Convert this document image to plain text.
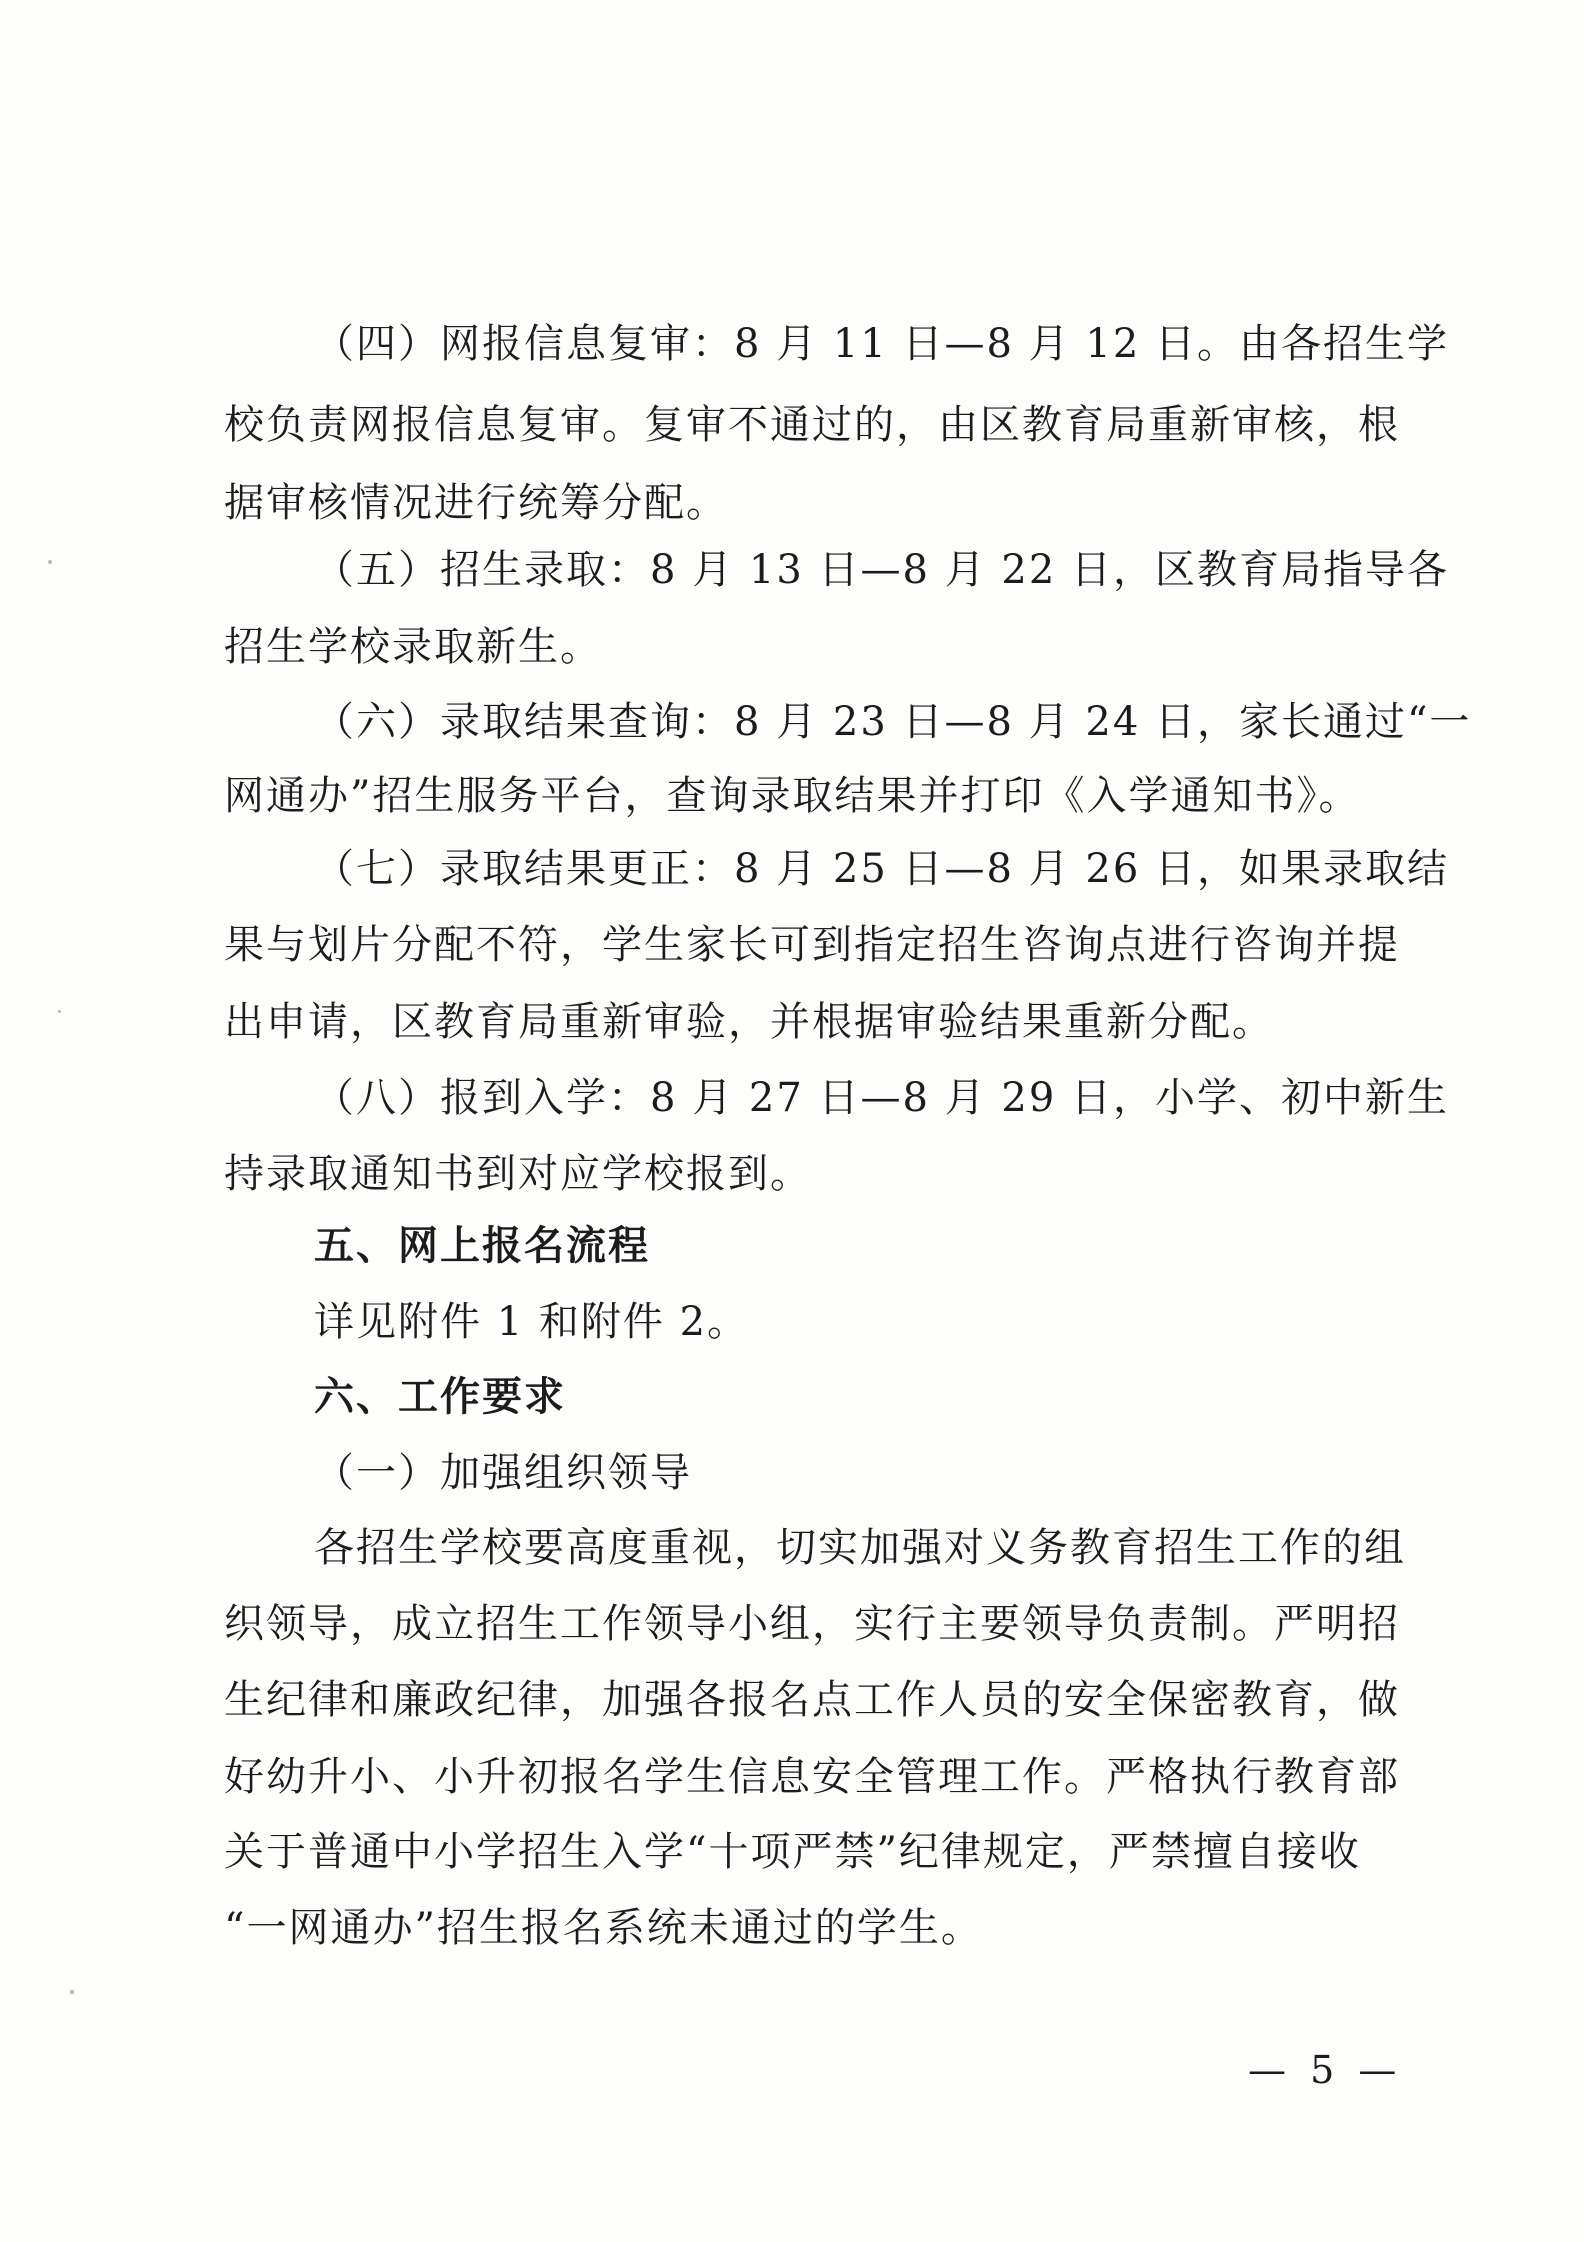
（四）网报信息复审：8 月 11 日—8 月 12 日。由各招生学
校负责网报信息复审。复审不通过的，由区教育局重新审核，根
据审核情况进行统筹分配。
（五）招生录取：8 月 13 日—8 月 22 日，区教育局指导各
招生学校录取新生。
（六）录取结果查询：8 月 23 日—8 月 24 日，家长通过“一
网通办”招生服务平台，查询录取结果并打印《入学通知书》。
（七）录取结果更正：8 月 25 日—8 月 26 日，如果录取结
果与划片分配不符，学生家长可到指定招生咨询点进行咨询并提
出申请，区教育局重新审验，并根据审验结果重新分配。
（八）报到入学：8 月 27 日—8 月 29 日，小学、初中新生
持录取通知书到对应学校报到。
五、网上报名流程
详见附件 1 和附件 2。
六、工作要求
（一）加强组织领导
各招生学校要高度重视，切实加强对义务教育招生工作的组
织领导，成立招生工作领导小组，实行主要领导负责制。严明招
生纪律和廉政纪律，加强各报名点工作人员的安全保密教育，做
好幼升小、小升初报名学生信息安全管理工作。严格执行教育部
关于普通中小学招生入学“十项严禁”纪律规定，严禁擅自接收
“一网通办”招生报名系统未通过的学生。
— 5 —
